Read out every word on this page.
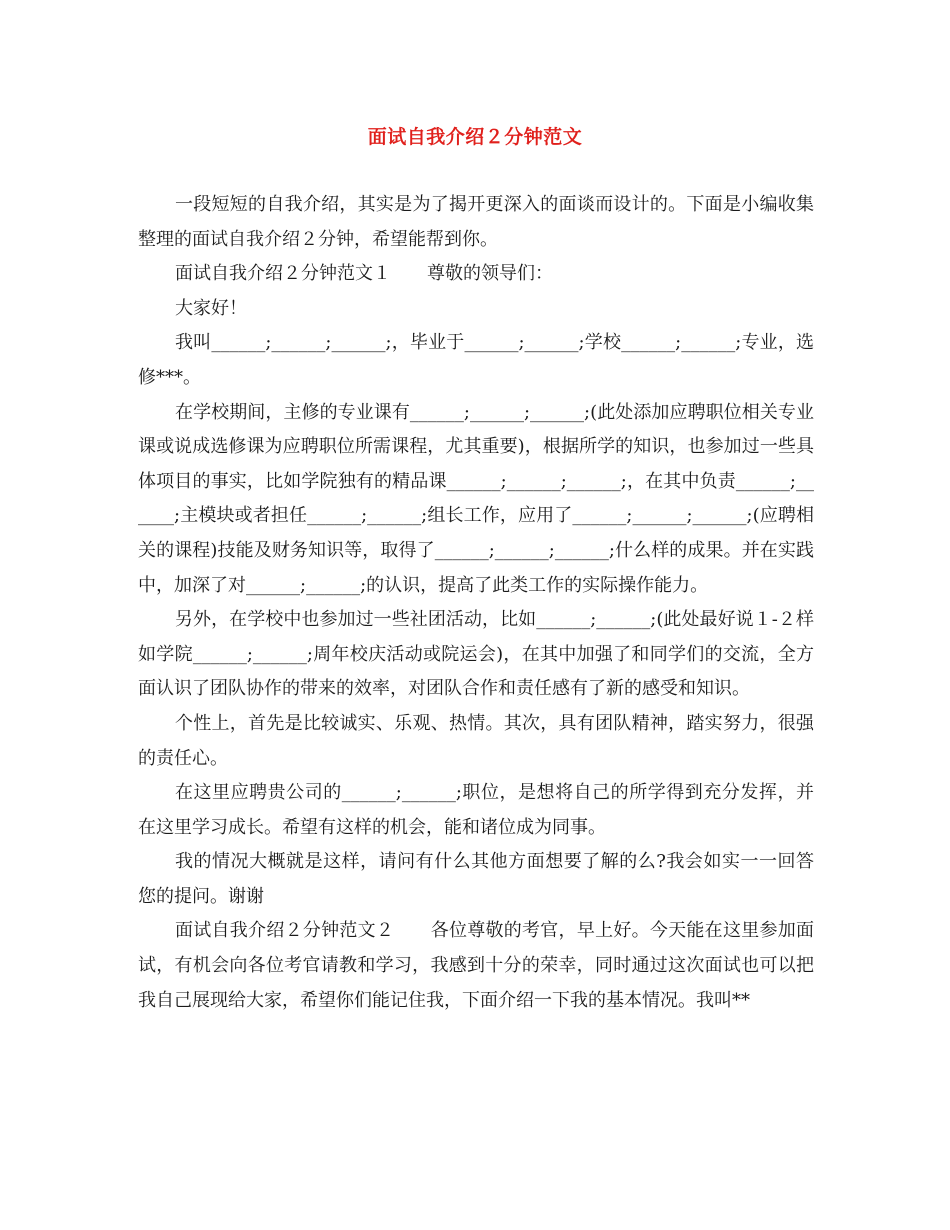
面试自我介绍２分钟范文

一段短短的自我介绍，其实是为了揭开更深入的面谈而设计的。下面是小编收集整理的面试自我介绍２分钟，希望能帮到你。

面试自我介绍２分钟范文１　　尊敬的领导们：

大家好！

我叫______;______;______;，毕业于______;______;学校______;______;专业，选修***。

在学校期间，主修的专业课有______;______;______;(此处添加应聘职位相关专业课或说成选修课为应聘职位所需课程，尤其重要)，根据所学的知识，也参加过一些具体项目的事实，比如学院独有的精品课______;______;______;，在其中负责______;______;主模块或者担任______;______;组长工作，应用了______;______;______;(应聘相关的课程)技能及财务知识等，取得了______;______;______;什么样的成果。并在实践中，加深了对______;______;的认识，提高了此类工作的实际操作能力。

另外，在学校中也参加过一些社团活动，比如______;______;(此处最好说１-２样如学院______;______;周年校庆活动或院运会)，在其中加强了和同学们的交流，全方面认识了团队协作的带来的效率，对团队合作和责任感有了新的感受和知识。

个性上，首先是比较诚实、乐观、热情。其次，具有团队精神，踏实努力，很强的责任心。

在这里应聘贵公司的______;______;职位，是想将自己的所学得到充分发挥，并在这里学习成长。希望有这样的机会，能和诸位成为同事。

我的情况大概就是这样，请问有什么其他方面想要了解的么?我会如实一一回答您的提问。谢谢

面试自我介绍２分钟范文２　　各位尊敬的考官，早上好。今天能在这里参加面试，有机会向各位考官请教和学习，我感到十分的荣幸，同时通过这次面试也可以把我自己展现给大家，希望你们能记住我，下面介绍一下我的基本情况。我叫**
